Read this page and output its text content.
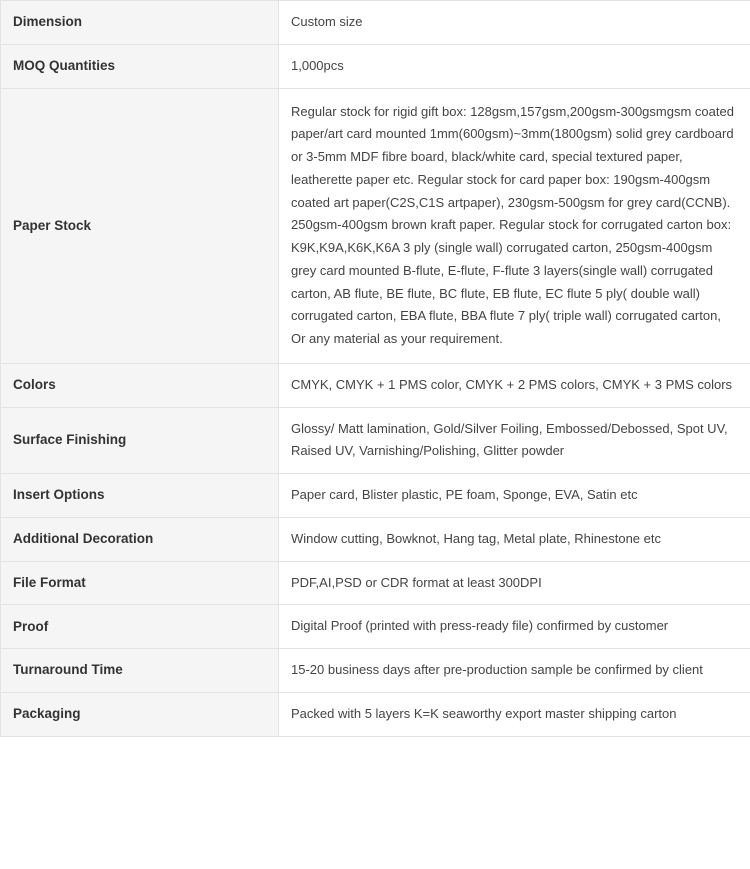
Dimension	Custom size
MOQ Quantities	1,000pcs
Paper Stock	Regular stock for rigid gift box: 128gsm,157gsm,200gsm-300gsmgsm coated paper/art card mounted 1mm(600gsm)~3mm(1800gsm) solid grey cardboard or 3-5mm MDF fibre board, black/white card, special textured paper, leatherette paper etc. Regular stock for card paper box: 190gsm-400gsm coated art paper(C2S,C1S artpaper), 230gsm-500gsm for grey card(CCNB). 250gsm-400gsm brown kraft paper. Regular stock for corrugated carton box: K9K,K9A,K6K,K6A 3 ply (single wall) corrugated carton, 250gsm-400gsm grey card mounted B-flute, E-flute, F-flute 3 layers(single wall) corrugated carton, AB flute, BE flute, BC flute, EB flute, EC flute 5 ply( double wall) corrugated carton, EBA flute, BBA flute 7 ply( triple wall) corrugated carton, Or any material as your requirement.
Colors	CMYK, CMYK + 1 PMS color, CMYK + 2 PMS colors, CMYK + 3 PMS colors
Surface Finishing	Glossy/ Matt lamination, Gold/Silver Foiling, Embossed/Debossed, Spot UV, Raised UV, Varnishing/Polishing, Glitter powder
Insert Options	Paper card, Blister plastic, PE foam, Sponge, EVA, Satin etc
Additional Decoration	Window cutting, Bowknot, Hang tag, Metal plate, Rhinestone etc
File Format	PDF,AI,PSD or CDR format at least 300DPI
Proof	Digital Proof (printed with press-ready file) confirmed by customer
Turnaround Time	15-20 business days after pre-production sample be confirmed by client
Packaging	Packed with 5 layers K=K seaworthy export master shipping carton
